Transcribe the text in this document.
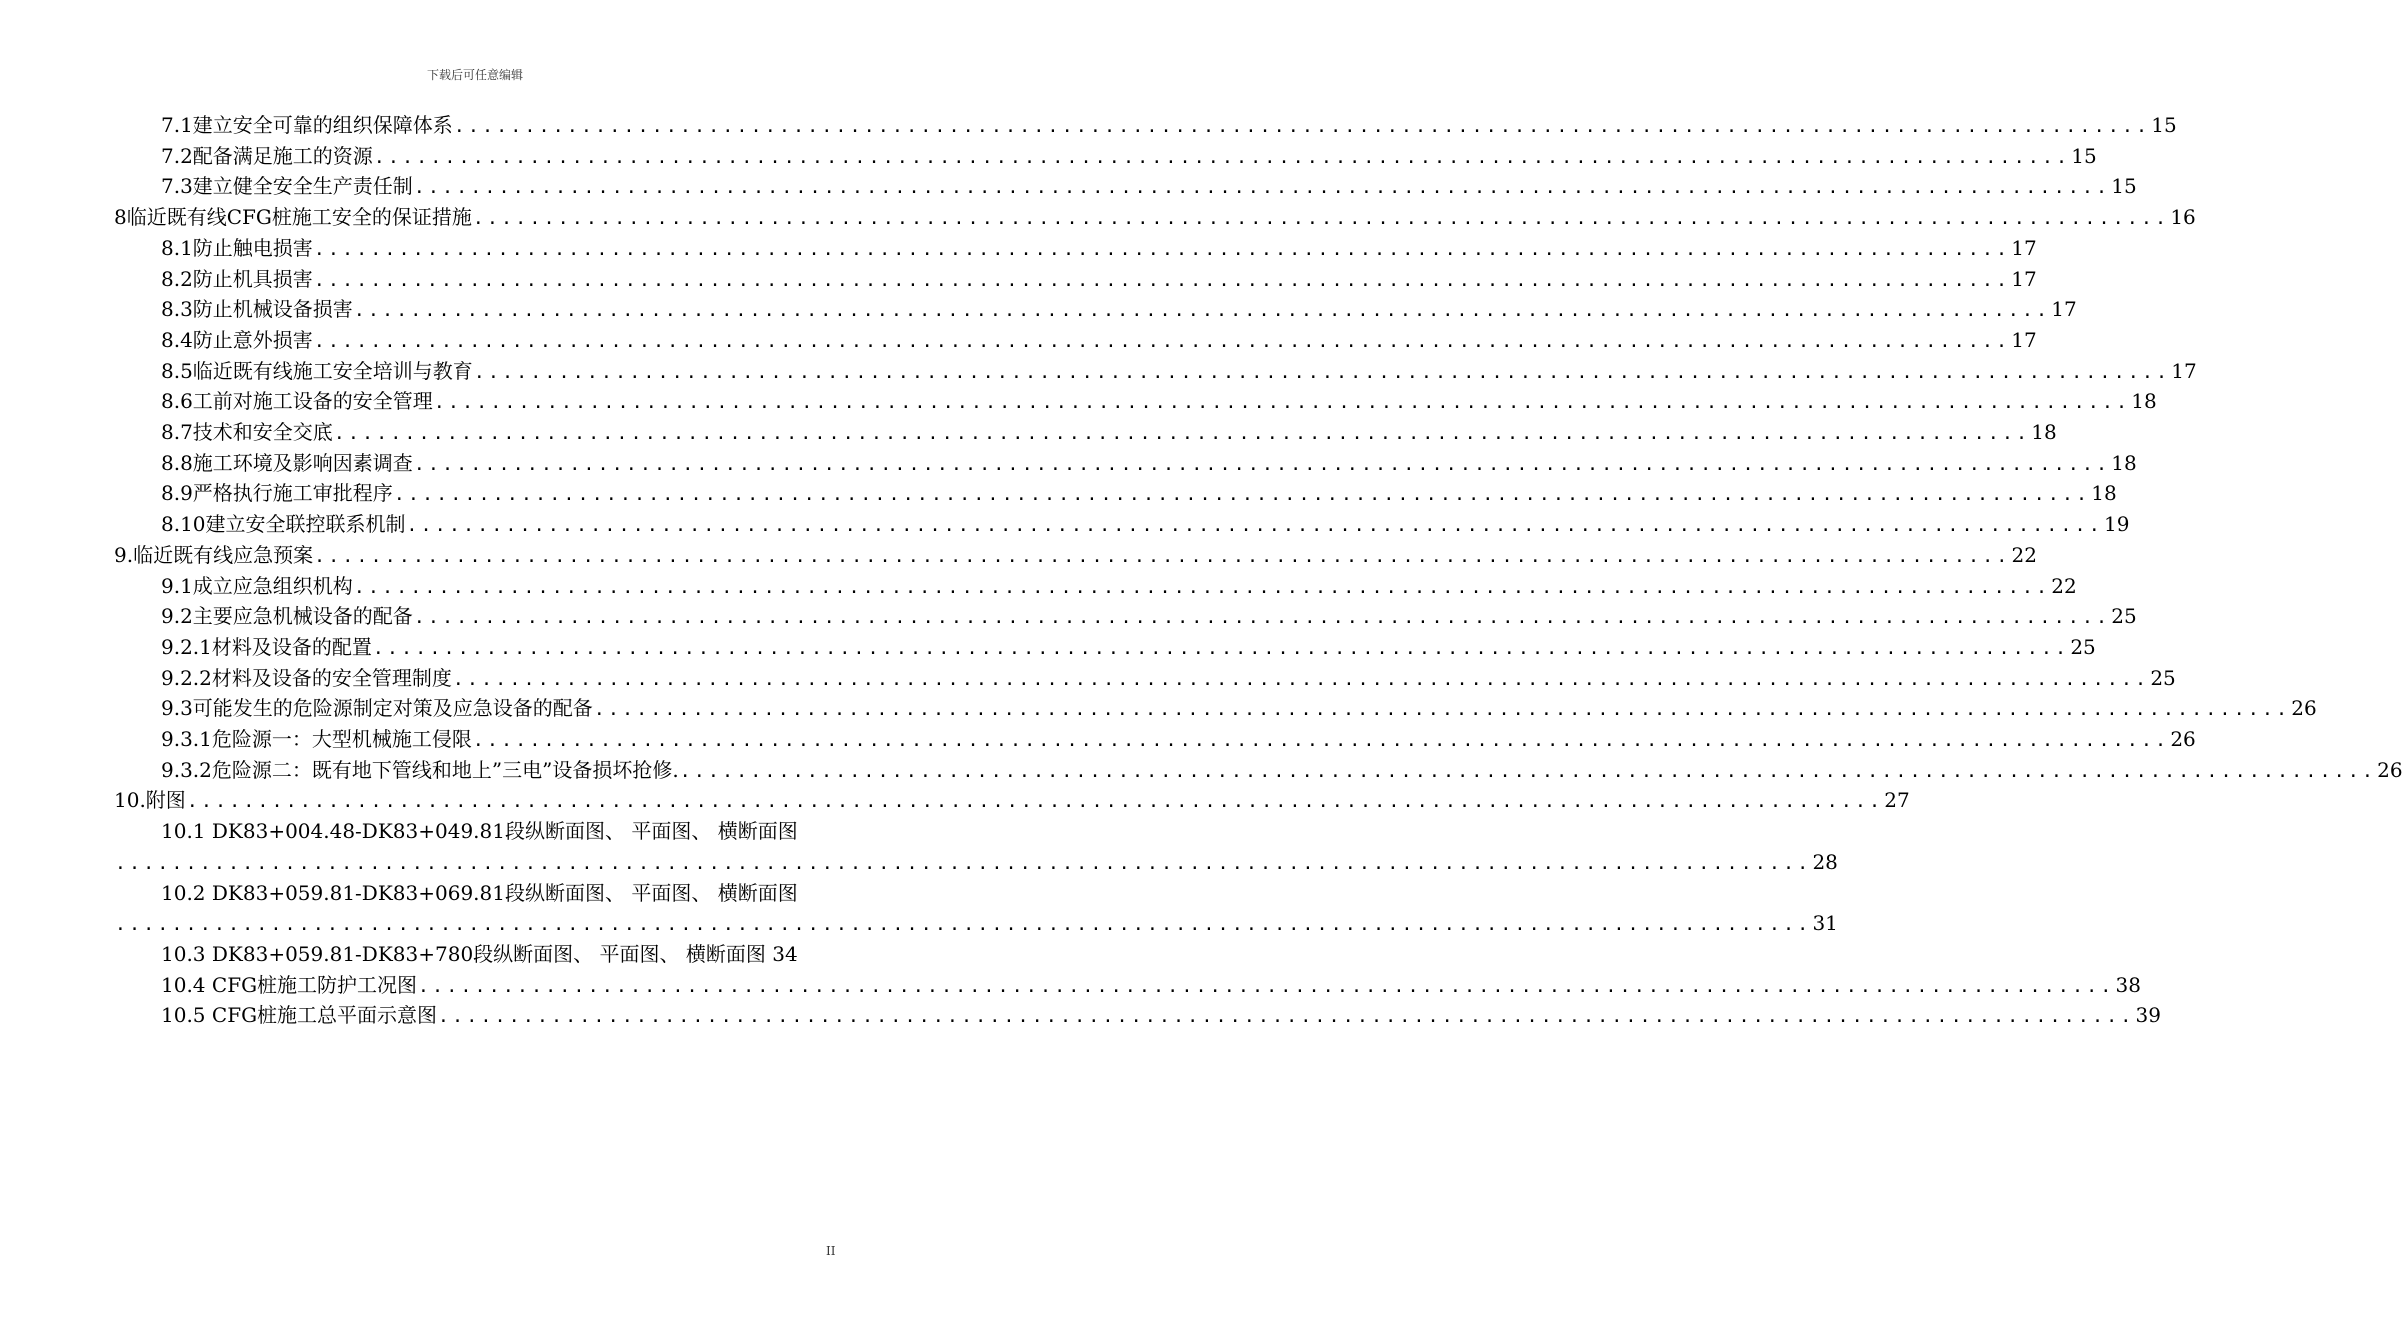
下载后可任意编辑
7.1建立安全可靠的组织保障体系 ........................................................................................................................ 15
7.2配备满足施工的资源 ........................................................................................................................ 15
7.3建立健全安全生产责任制 ........................................................................................................................ 15
8临近既有线CFG桩施工安全的保证措施 ........................................................................................................................ 16
8.1防止触电损害 ........................................................................................................................ 17
8.2防止机具损害 ........................................................................................................................ 17
8.3防止机械设备损害 ........................................................................................................................ 17
8.4防止意外损害 ........................................................................................................................ 17
8.5临近既有线施工安全培训与教育 ........................................................................................................................ 17
8.6工前对施工设备的安全管理 ........................................................................................................................ 18
8.7技术和安全交底 ........................................................................................................................ 18
8.8施工环境及影响因素调查 ........................................................................................................................ 18
8.9严格执行施工审批程序 ........................................................................................................................ 18
8.10建立安全联控联系机制 ........................................................................................................................ 19
9.临近既有线应急预案 ........................................................................................................................ 22
9.1成立应急组织机构 ........................................................................................................................ 22
9.2主要应急机械设备的配备 ........................................................................................................................ 25
9.2.1材料及设备的配置 ........................................................................................................................ 25
9.2.2材料及设备的安全管理制度 ........................................................................................................................ 25
9.3可能发生的危险源制定对策及应急设备的配备 ........................................................................................................................ 26
9.3.1危险源一：大型机械施工侵限 ........................................................................................................................ 26
9.3.2危险源二：既有地下管线和地上”三电”设备损坏抢修. ........................................................................................................................ 26
10.附图 ........................................................................................................................ 27
10.1 DK83+004.48-DK83+049.81段纵断面图、 平面图、 横断面图
........................................................................................................................ 28
10.2 DK83+059.81-DK83+069.81段纵断面图、 平面图、 横断面图
........................................................................................................................ 31
10.3 DK83+059.81-DK83+780段纵断面图、 平面图、 横断面图 34
10.4 CFG桩施工防护工况图 ........................................................................................................................ 38
10.5 CFG桩施工总平面示意图 ........................................................................................................................ 39
II
